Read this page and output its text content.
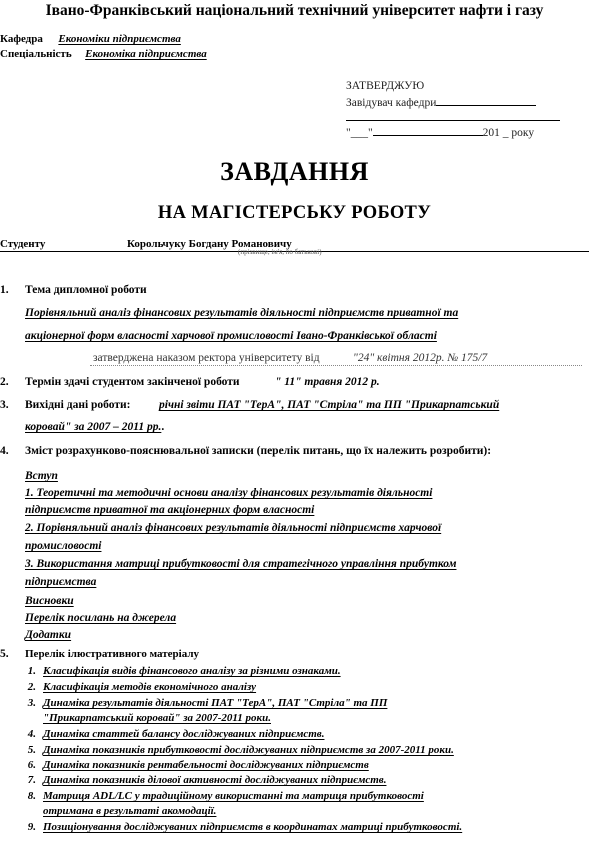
Івано-Франківський національний технічний університет нафти і газу
Кафедра Економіки підприємства
Спеціальність Економіка підприємства
ЗАТВЕРДЖУЮ
Завідувач кафедри
"___"	201 _ року
ЗАВДАННЯ
НА МАГІСТЕРСЬКУ РОБОТУ
Студенту	Корольчуку Богдану Романовичу
(прізвище, ім'я, по батькові)
1. Тема дипломної роботи
Порівняльний аналіз фінансових результатів діяльності підприємств приватної та
акціонерної форм власності харчової промисловості Івано-Франківської області
затверджена наказом ректора університету від	"24" квітня 2012р. № 175/7
2. Термін здачі студентом закінченої роботи	" 11" травня 2012 р.
3. Вихідні дані роботи: річні звіти ПАТ "ТерА", ПАТ "Стріла" та ПП "Прикарпатський
коровай" за 2007 – 2011 рр..
4. Зміст розрахунково-пояснювальної записки (перелік питань, що їх належить розробити):
Вступ
1. Теоретичні та методичні основи аналізу фінансових результатів діяльності
підприємств приватної та акціонерних форм власності
2. Порівняльний аналіз фінансових результатів діяльності підприємств харчової
промисловості
3. Використання матриці прибутковості для стратегічного управління прибутком
підприємства
Висновки
Перелік посилань на джерела
Додатки
5. Перелік ілюстративного матеріалу
1. Класифікація видів фінансового аналізу за різними ознаками.
2. Класифікація методів економічного аналізу
3. Динаміка результатів діяльності ПАТ "ТерА", ПАТ "Стріла" та ПП
"Прикарпатський коровай" за 2007-2011 роки.
4. Динаміка статтей балансу досліджуваних підприємств.
5. Динаміка показників прибутковості досліджуваних підприємств за 2007-2011 роки.
6. Динаміка показників рентабельності досліджуваних підприємств
7. Динаміка показників ділової активності досліджуваних підприємств.
8. Матриця ADL/LC у традиційному використанні та матриця прибутковості
отримана в результаті акомодації.
9. Позиціонування досліджуваних підприємств в координатах матриці прибутковості.
